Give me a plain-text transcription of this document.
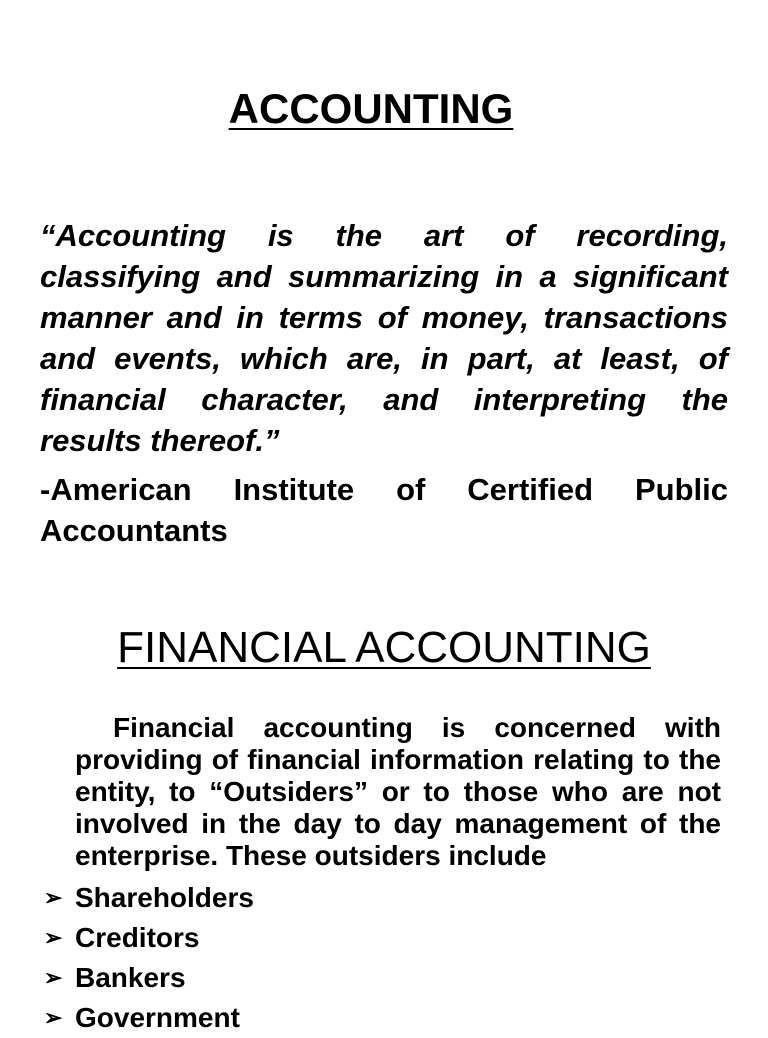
ACCOUNTING

“Accounting is the art of recording, classifying and summarizing in a significant manner and in terms of money, transactions and events, which are, in part, at least, of financial character, and interpreting the results thereof.”

-American Institute of Certified Public Accountants

FINANCIAL ACCOUNTING

Financial accounting is concerned with providing of financial information relating to the entity, to “Outsiders” or to those who are not involved in the day to day management of the enterprise. These outsiders include

➢ Shareholders
➢ Creditors
➢ Bankers
➢ Government
